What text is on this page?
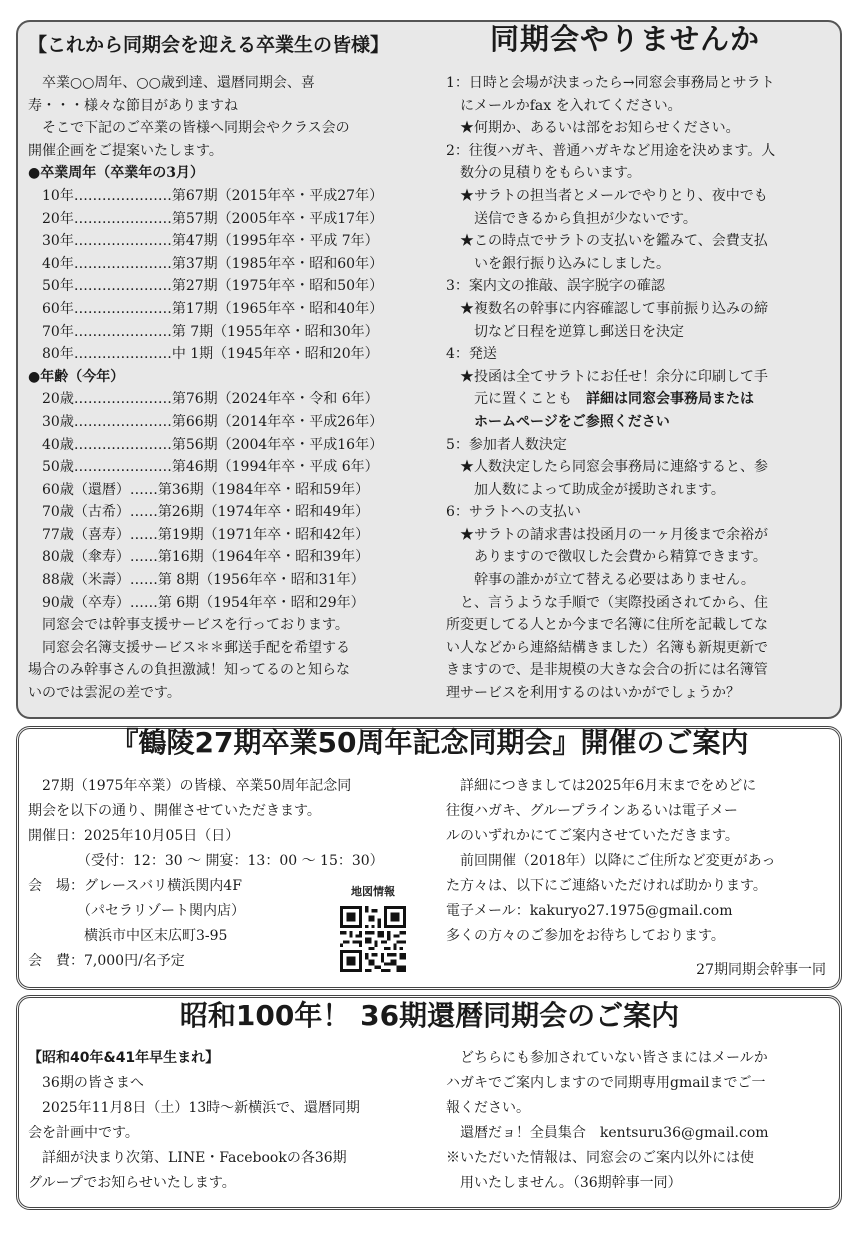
【これから同期会を迎える卒業生の皆様】	同期会やりませんか
　卒業○○周年、○○歳到達、還暦同期会、喜
寿・・・様々な節目がありますね
　そこで下記のご卒業の皆様へ同期会やクラス会の
開催企画をご提案いたします。
●卒業周年（卒業年の3月）
10年…………………第67期（2015年卒・平成27年）
20年…………………第57期（2005年卒・平成17年）
30年…………………第47期（1995年卒・平成 7年）
40年…………………第37期（1985年卒・昭和60年）
50年…………………第27期（1975年卒・昭和50年）
60年…………………第17期（1965年卒・昭和40年）
70年…………………第 7期（1955年卒・昭和30年）
80年…………………中 1期（1945年卒・昭和20年）
●年齢（今年）
20歳…………………第76期（2024年卒・令和 6年）
30歳…………………第66期（2014年卒・平成26年）
40歳…………………第56期（2004年卒・平成16年）
50歳…………………第46期（1994年卒・平成 6年）
60歳（還暦）……第36期（1984年卒・昭和59年）
70歳（古希）……第26期（1974年卒・昭和49年）
77歳（喜寿）……第19期（1971年卒・昭和42年）
80歳（傘寿）……第16期（1964年卒・昭和39年）
88歳（米壽）……第 8期（1956年卒・昭和31年）
90歳（卒寿）……第 6期（1954年卒・昭和29年）
　同窓会では幹事支援サービスを行っております。
　同窓会名簿支援サービス＊＊郵送手配を希望する
場合のみ幹事さんの負担激減！知ってるのと知らな
いのでは雲泥の差です。
1：日時と会場が決まったら→同窓会事務局とサラト
　にメールかfax を入れてください。
　★何期か、あるいは部をお知らせください。
2：往復ハガキ、普通ハガキなど用途を決めます。人
　数分の見積りをもらいます。
　★サラトの担当者とメールでやりとり、夜中でも
　　送信できるから負担が少ないです。
　★この時点でサラトの支払いを鑑みて、会費支払
　　いを銀行振り込みにしました。
3：案内文の推敲、誤字脱字の確認
　★複数名の幹事に内容確認して事前振り込みの締
　　切など日程を逆算し郵送日を決定
4：発送
　★投函は全てサラトにお任せ！余分に印刷して手
　　元に置くことも　詳細は同窓会事務局または
　　ホームページをご参照ください
5：参加者人数決定
　★人数決定したら同窓会事務局に連絡すると、参
　　加人数によって助成金が援助されます。
6：サラトへの支払い
　★サラトの請求書は投函月の一ヶ月後まで余裕が
　　ありますので徴収した会費から精算できます。
　　幹事の誰かが立て替える必要はありません。
　と、言うような手順で（実際投函されてから、住
所変更してる人とか今まで名簿に住所を記載してな
い人などから連絡結構きました）名簿も新規更新で
きますので、是非規模の大きな会合の折には名簿管
理サービスを利用するのはいかがでしょうか？
『鶴陵27期卒業50周年記念同期会』開催のご案内
　27期（1975年卒業）の皆様、卒業50周年記念同
期会を以下の通り、開催させていただきます。
開催日：2025年10月05日（日）
　　　　（受付：12：30 ～ 開宴：13：00 ～ 15：30）
会　場：グレースバリ横浜関内4F
　　　　（パセラリゾート関内店）
　　　　横浜市中区末広町3-95
会　費：7,000円/名予定
地図情報
　詳細につきましては2025年6月末までをめどに
往復ハガキ、グループラインあるいは電子メー
ルのいずれかにてご案内させていただきます。
　前回開催（2018年）以降にご住所など変更があっ
た方々は、以下にご連絡いただければ助かります。
電子メール：kakuryo27.1975@gmail.com
多くの方々のご参加をお待ちしております。
27期同期会幹事一同
昭和100年！ 36期還暦同期会のご案内
【昭和40年&41年早生まれ】
　36期の皆さまへ
　2025年11月8日（土）13時～新横浜で、還暦同期
会を計画中です。
　詳細が決まり次第、LINE・Facebookの各36期
グループでお知らせいたします。
　どちらにも参加されていない皆さまにはメールか
ハガキでご案内しますので同期専用gmailまでご一
報ください。
　還暦だョ！全員集合　kentsuru36@gmail.com
※いただいた情報は、同窓会のご案内以外には使
　用いたしません。（36期幹事一同）
